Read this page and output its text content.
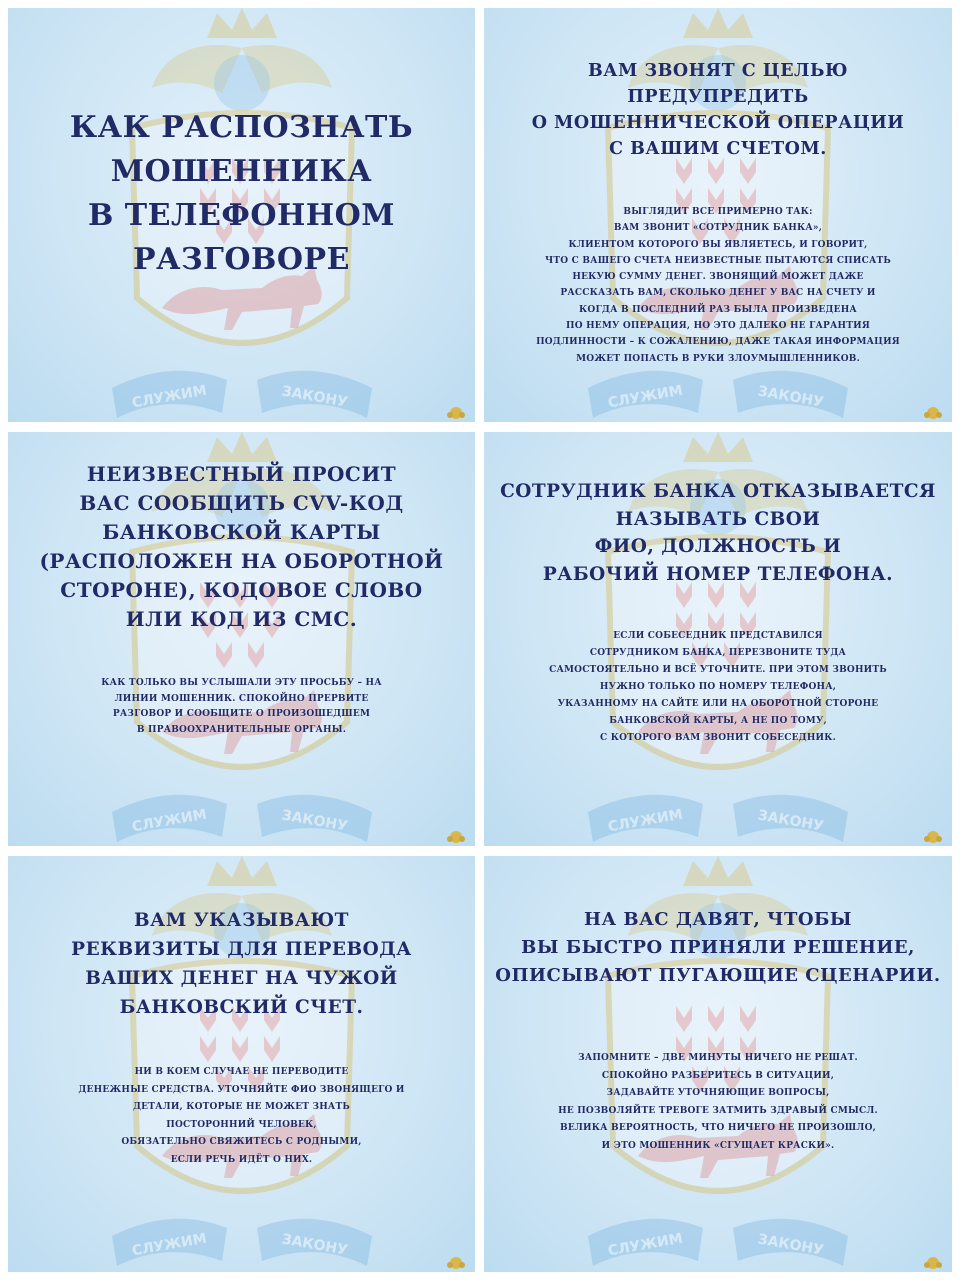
СЛУЖИМ	ЗАКОНУ
КАК РАСПОЗНАТЬ
МОШЕННИКА
В ТЕЛЕФОННОМ
РАЗГОВОРЕ
СЛУЖИМ	ЗАКОНУ
ВАМ ЗВОНЯТ С ЦЕЛЬЮ
ПРЕДУПРЕДИТЬ
О МОШЕННИЧЕСКОЙ ОПЕРАЦИИ
С ВАШИМ СЧЕТОМ.
ВЫГЛЯДИТ ВСЕ ПРИМЕРНО ТАК:
ВАМ ЗВОНИТ «СОТРУДНИК БАНКА»,
КЛИЕНТОМ КОТОРОГО ВЫ ЯВЛЯЕТЕСЬ, И ГОВОРИТ,
ЧТО С ВАШЕГО СЧЕТА НЕИЗВЕСТНЫЕ ПЫТАЮТСЯ СПИСАТЬ
НЕКУЮ СУММУ ДЕНЕГ. ЗВОНЯЩИЙ МОЖЕТ ДАЖЕ
РАССКАЗАТЬ ВАМ, СКОЛЬКО ДЕНЕГ У ВАС НА СЧЕТУ И
КОГДА В ПОСЛЕДНИЙ РАЗ БЫЛА ПРОИЗВЕДЕНА
ПО НЕМУ ОПЕРАЦИЯ, НО ЭТО ДАЛЕКО НЕ ГАРАНТИЯ
ПОДЛИННОСТИ – К СОЖАЛЕНИЮ, ДАЖЕ ТАКАЯ ИНФОРМАЦИЯ
МОЖЕТ ПОПАСТЬ В РУКИ ЗЛОУМЫШЛЕННИКОВ.
СЛУЖИМ	ЗАКОНУ
НЕИЗВЕСТНЫЙ ПРОСИТ
ВАС СООБЩИТЬ CVV-КОД
БАНКОВСКОЙ КАРТЫ
(РАСПОЛОЖЕН НА ОБОРОТНОЙ
СТОРОНЕ), КОДОВОЕ СЛОВО
ИЛИ КОД ИЗ СМС.
КАК ТОЛЬКО ВЫ УСЛЫШАЛИ ЭТУ ПРОСЬБУ – НА
ЛИНИИ МОШЕННИК. СПОКОЙНО ПРЕРВИТЕ
РАЗГОВОР И СООБЩИТЕ О ПРОИЗОШЕДШЕМ
В ПРАВООХРАНИТЕЛЬНЫЕ ОРГАНЫ.
СЛУЖИМ	ЗАКОНУ
СОТРУДНИК БАНКА ОТКАЗЫВАЕТСЯ
НАЗЫВАТЬ СВОИ
ФИО, ДОЛЖНОСТЬ И
РАБОЧИЙ НОМЕР ТЕЛЕФОНА.
ЕСЛИ СОБЕСЕДНИК ПРЕДСТАВИЛСЯ
СОТРУДНИКОМ БАНКА, ПЕРЕЗВОНИТЕ ТУДА
САМОСТОЯТЕЛЬНО И ВСЁ УТОЧНИТЕ. ПРИ ЭТОМ ЗВОНИТЬ
НУЖНО ТОЛЬКО ПО НОМЕРУ ТЕЛЕФОНА,
УКАЗАННОМУ НА САЙТЕ ИЛИ НА ОБОРОТНОЙ СТОРОНЕ
БАНКОВСКОЙ КАРТЫ, А НЕ ПО ТОМУ,
С КОТОРОГО ВАМ ЗВОНИТ СОБЕСЕДНИК.
СЛУЖИМ	ЗАКОНУ
ВАМ УКАЗЫВАЮТ
РЕКВИЗИТЫ ДЛЯ ПЕРЕВОДА
ВАШИХ ДЕНЕГ НА ЧУЖОЙ
БАНКОВСКИЙ СЧЕТ.
НИ В КОЕМ СЛУЧАЕ НЕ ПЕРЕВОДИТЕ
ДЕНЕЖНЫЕ СРЕДСТВА. УТОЧНЯЙТЕ ФИО ЗВОНЯЩЕГО И
ДЕТАЛИ, КОТОРЫЕ НЕ МОЖЕТ ЗНАТЬ
ПОСТОРОННИЙ ЧЕЛОВЕК,
ОБЯЗАТЕЛЬНО СВЯЖИТЕСЬ С РОДНЫМИ,
ЕСЛИ РЕЧЬ ИДЁТ О НИХ.
СЛУЖИМ	ЗАКОНУ
НА ВАС ДАВЯТ, ЧТОБЫ
ВЫ БЫСТРО ПРИНЯЛИ РЕШЕНИЕ,
ОПИСЫВАЮТ ПУГАЮЩИЕ СЦЕНАРИИ.
ЗАПОМНИТЕ – ДВЕ МИНУТЫ НИЧЕГО НЕ РЕШАТ.
СПОКОЙНО РАЗБЕРИТЕСЬ В СИТУАЦИИ,
ЗАДАВАЙТЕ УТОЧНЯЮЩИЕ ВОПРОСЫ,
НЕ ПОЗВОЛЯЙТЕ ТРЕВОГЕ ЗАТМИТЬ ЗДРАВЫЙ СМЫСЛ.
ВЕЛИКА ВЕРОЯТНОСТЬ, ЧТО НИЧЕГО НЕ ПРОИЗОШЛО,
И ЭТО МОШЕННИК «СГУЩАЕТ КРАСКИ».
